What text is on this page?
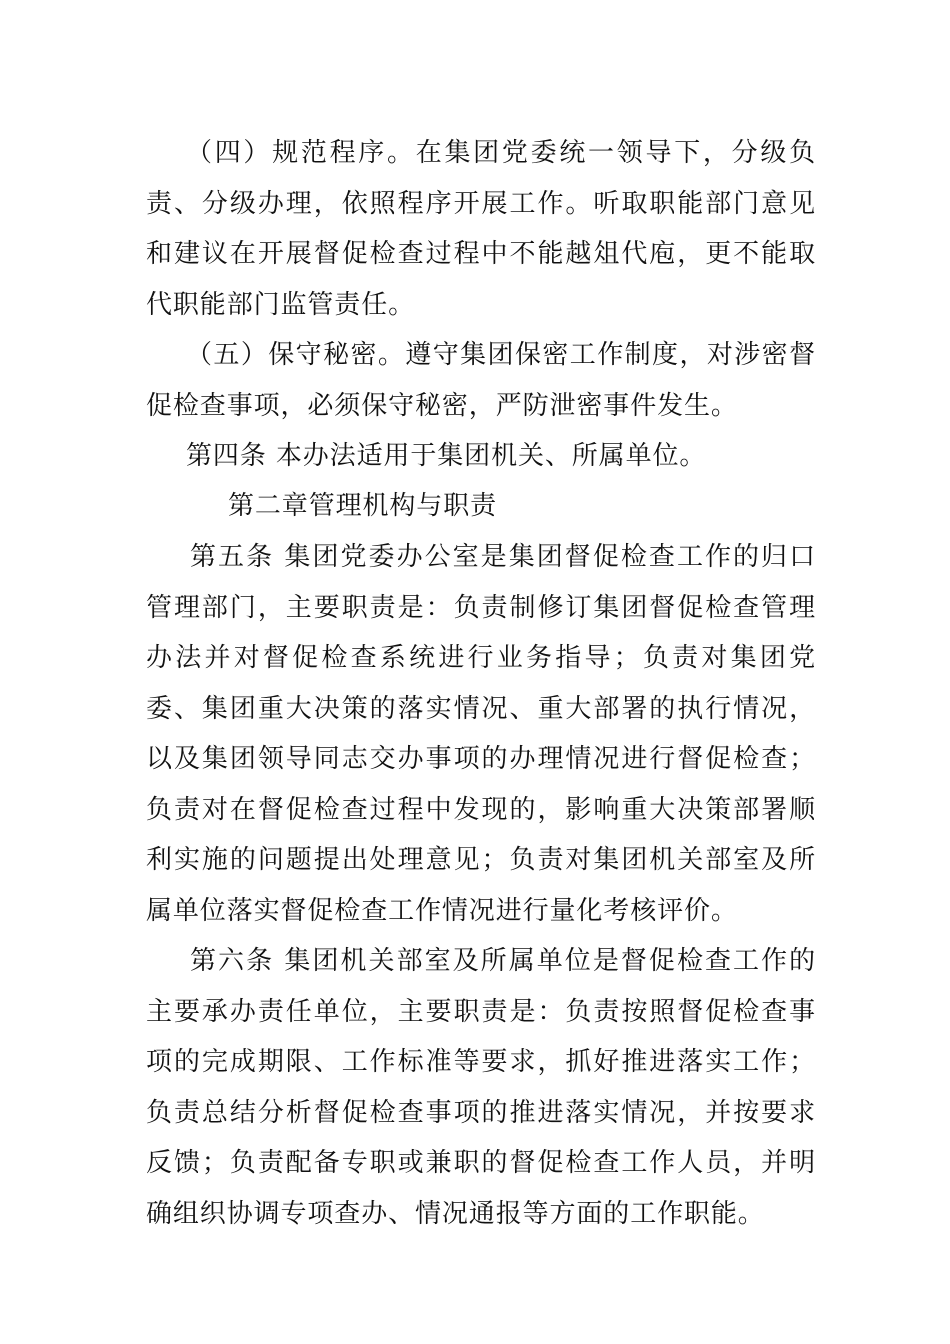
（四）规范程序。在集团党委统一领导下，分级负责、分级办理，依照程序开展工作。听取职能部门意见和建议在开展督促检查过程中不能越俎代庖，更不能取代职能部门监管责任。

（五）保守秘密。遵守集团保密工作制度，对涉密督促检查事项，必须保守秘密，严防泄密事件发生。

第四条 本办法适用于集团机关、所属单位。

第二章管理机构与职责

第五条 集团党委办公室是集团督促检查工作的归口管理部门，主要职责是：负责制修订集团督促检查管理办法并对督促检查系统进行业务指导；负责对集团党委、集团重大决策的落实情况、重大部署的执行情况，以及集团领导同志交办事项的办理情况进行督促检查；负责对在督促检查过程中发现的，影响重大决策部署顺利实施的问题提出处理意见；负责对集团机关部室及所属单位落实督促检查工作情况进行量化考核评价。

第六条 集团机关部室及所属单位是督促检查工作的主要承办责任单位，主要职责是：负责按照督促检查事项的完成期限、工作标准等要求，抓好推进落实工作；负责总结分析督促检查事项的推进落实情况，并按要求反馈；负责配备专职或兼职的督促检查工作人员，并明确组织协调专项查办、情况通报等方面的工作职能。
